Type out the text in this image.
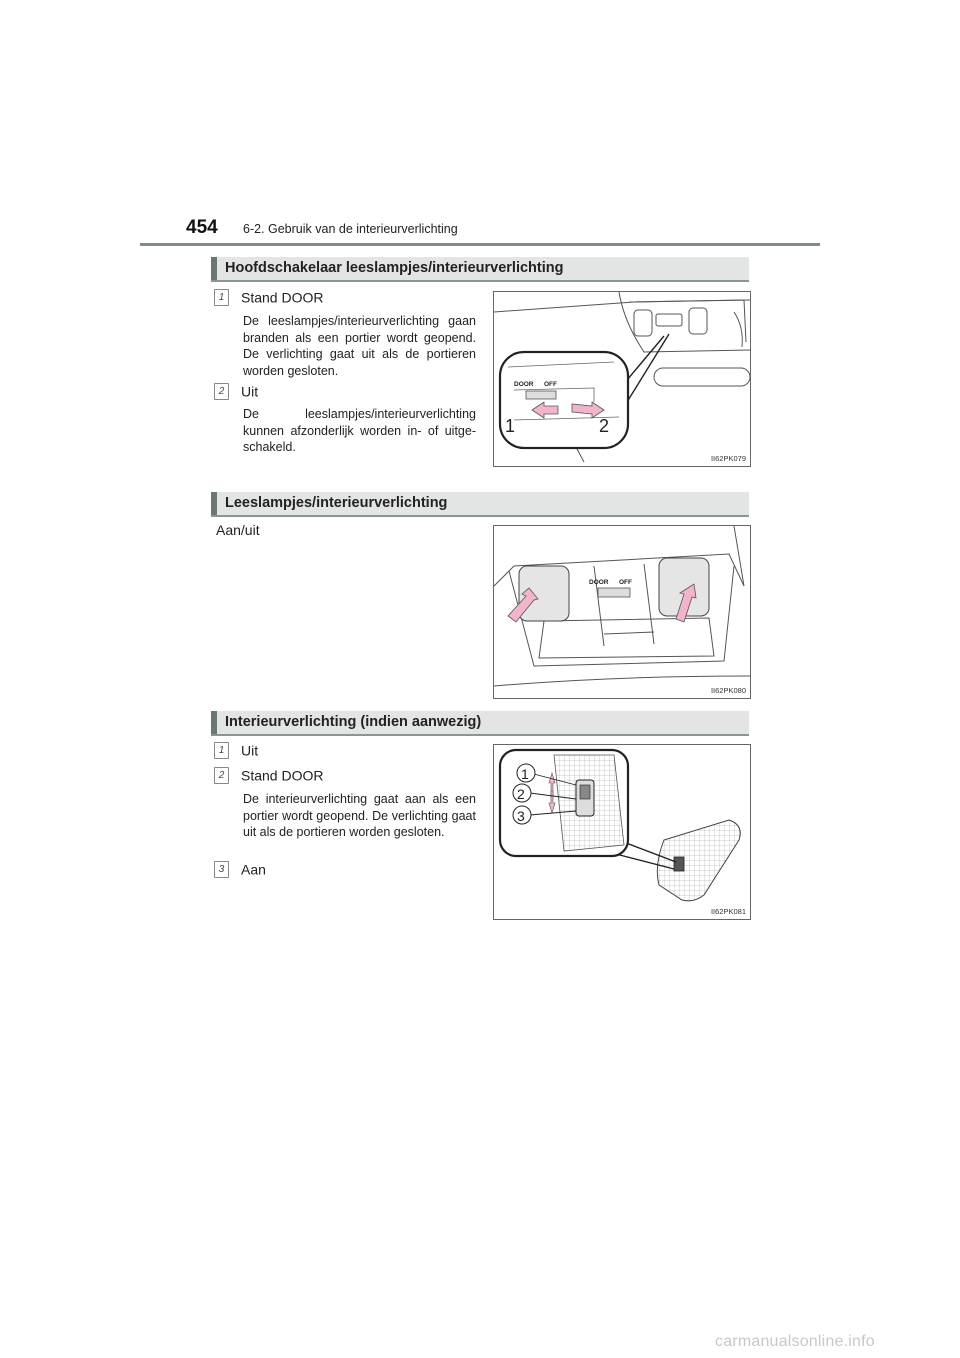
454 6-2. Gebruik van de interieurverlichting
Hoofdschakelaar leeslampjes/interieurverlichting
1 Stand DOOR
De leeslampjes/interieurverlichting gaan branden als een portier wordt geopend. De verlichting gaat uit als de portieren worden gesloten.
2 Uit
De leeslampjes/interieurverlichting kunnen afzonderlijk worden in- of uitge-schakeld.
DOOR OFF
1	2
II62PK079
Leeslampjes/interieurverlichting
Aan/uit
DOOR OFF
II62PK080
Interieurverlichting (indien aanwezig)
1 Uit
2 Stand DOOR
De interieurverlichting gaat aan als een portier wordt geopend. De verlichting gaat uit als de portieren worden gesloten.
3 Aan
1
2
3
II62PK081
carmanualsonline.info
